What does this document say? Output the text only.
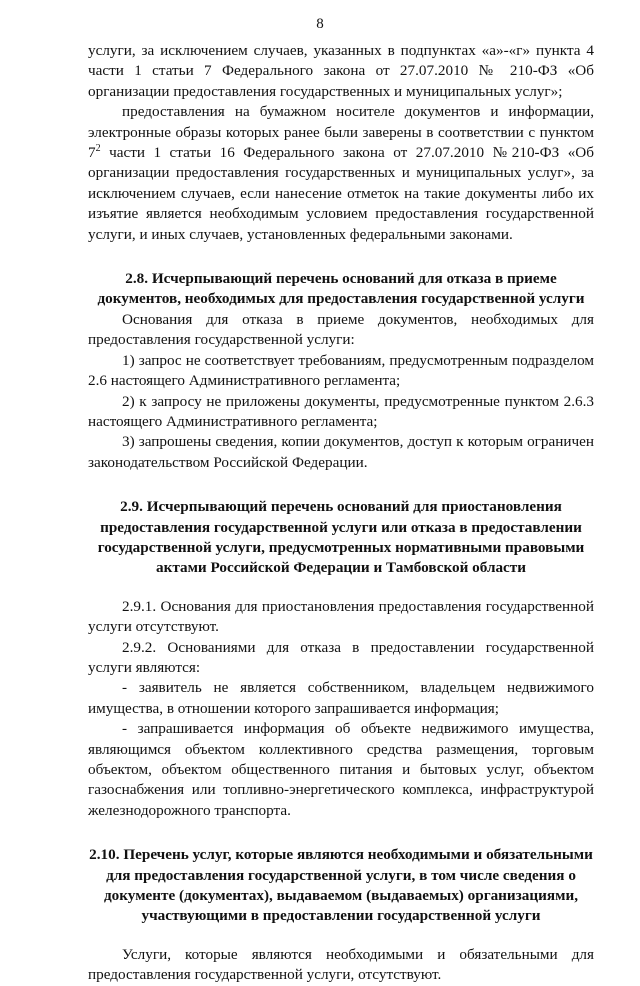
8

услуги, за исключением случаев, указанных в подпунктах «а»-«г» пункта 4 части 1 статьи 7 Федерального закона от 27.07.2010 № 210-ФЗ «Об организации предоставления государственных и муниципальных услуг»;

предоставления на бумажном носителе документов и информации, электронные образы которых ранее были заверены в соответствии с пунктом $7^2$ части 1 статьи 16 Федерального закона от 27.07.2010 №210-ФЗ «Об организации предоставления государственных и муниципальных услуг», за исключением случаев, если нанесение отметок на такие документы либо их изъятие является необходимым условием предоставления государственной услуги, и иных случаев, установленных федеральными законами.

2.8. Исчерпывающий перечень оснований для отказа в приеме документов, необходимых для предоставления государственной услуги

Основания для отказа в приеме документов, необходимых для предоставления государственной услуги:

1) запрос не соответствует требованиям, предусмотренным подразделом 2.6 настоящего Административного регламента;

2) к запросу не приложены документы, предусмотренные пунктом 2.6.3 настоящего Административного регламента;

3) запрошены сведения, копии документов, доступ к которым ограничен законодательством Российской Федерации.

2.9. Исчерпывающий перечень оснований для приостановления предоставления государственной услуги или отказа в предоставлении государственной услуги, предусмотренных нормативными правовыми актами Российской Федерации и Тамбовской области

2.9.1. Основания для приостановления предоставления государственной услуги отсутствуют.

2.9.2. Основаниями для отказа в предоставлении государственной услуги являются:

- заявитель не является собственником, владельцем недвижимого имущества, в отношении которого запрашивается информация;

- запрашивается информация об объекте недвижимого имущества, являющимся объектом коллективного средства размещения, торговым объектом, объектом общественного питания и бытовых услуг, объектом газоснабжения или топливно-энергетического комплекса, инфраструктурой железнодорожного транспорта.

2.10. Перечень услуг, которые являются необходимыми и обязательными для предоставления государственной услуги, в том числе сведения о документе (документах), выдаваемом (выдаваемых) организациями, участвующими в предоставлении государственной услуги

Услуги, которые являются необходимыми и обязательными для предоставления государственной услуги, отсутствуют.
